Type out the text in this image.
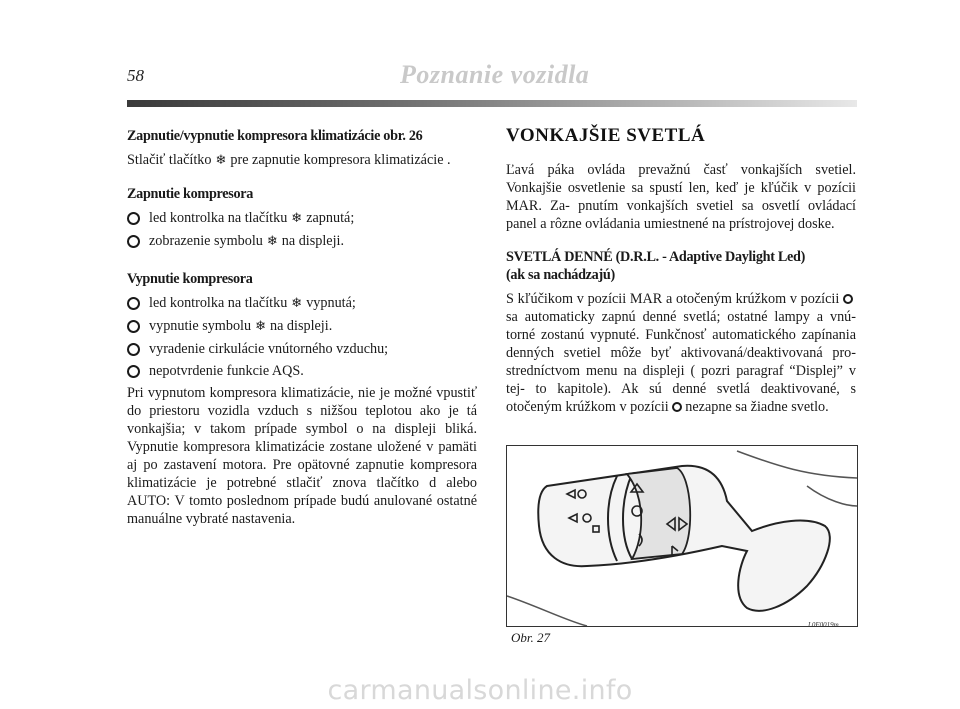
58	Poznanie vozidla

Zapnutie/vypnutie kompresora klimatizácie obr. 26

Stlačiť tlačítko ❄ pre zapnutie kompresora klimatizácie .

Zapnutie kompresora

led kontrolka na tlačítku ❄ zapnutá;
zobrazenie symbolu ❄ na displeji.

Vypnutie kompresora

led kontrolka na tlačítku ❄ vypnutá;
vypnutie symbolu ❄ na displeji.
vyradenie cirkulácie vnútorného vzduchu;
nepotvrdenie funkcie AQS.

Pri vypnutom kompresora klimatizácie, nie je možné vpustiť do priestoru vozidla vzduch s nižšou teplotou ako je tá vonkajšia; v takom prípade symbol o na displeji bliká. Vypnutie kompresora klimatizácie zostane uložené v pamäti aj po zastavení motora. Pre opätovné zapnutie kompresora klimatizácie je potrebné stlačiť znova tlačítko d alebo AUTO: V tomto poslednom prípade budú anulované ostatné manuálne vybraté nastavenia.

VONKAJŠIE SVETLÁ

Ľavá páka ovláda prevažnú časť vonkajších svetiel. Vonkajšie osvetlenie sa spustí len, keď je kľúčik v pozícii MAR. Za- pnutím vonkajších svetiel sa osvetlí ovládací panel a rôzne ovládania umiestnené na prístrojovej doske.

SVETLÁ DENNÉ (D.R.L. - Adaptive Daylight Led)

(ak sa nachádzajú)

S kľúčikom v pozícii MAR a otočeným krúžkom v pozícii sa automaticky zapnú denné svetlá; ostatné lampy a vnú- torné zostanú vypnuté. Funkčnosť automatického zapínania denných svetiel môže byť aktivovaná/deaktivovaná pro- stredníctvom menu na displeji ( pozri paragraf “Displej” v tej- to kapitole). Ak sú denné svetlá deaktivované, s otočeným krúžkom v pozícii nezapne sa žiadne svetlo.

Obr. 27
L0E0019m
carmanualsonline.info
